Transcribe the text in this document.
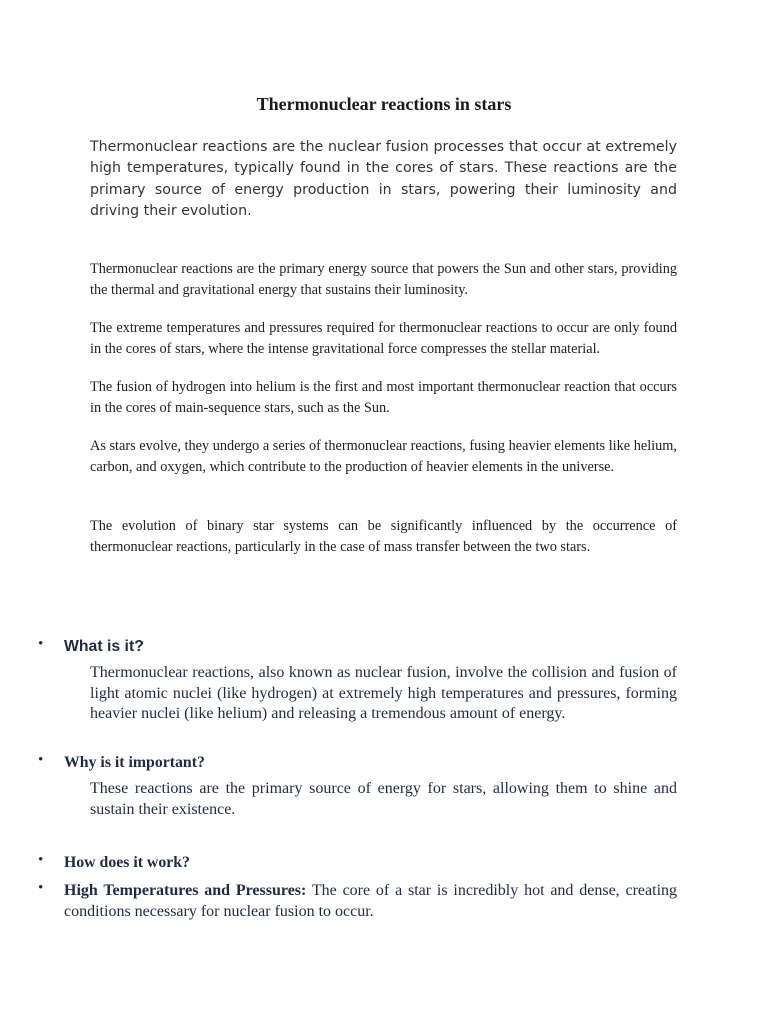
Thermonuclear reactions in stars

Thermonuclear reactions are the nuclear fusion processes that occur at extremely high temperatures, typically found in the cores of stars. These reactions are the primary source of energy production in stars, powering their luminosity and driving their evolution.

Thermonuclear reactions are the primary energy source that powers the Sun and other stars, providing the thermal and gravitational energy that sustains their luminosity.

The extreme temperatures and pressures required for thermonuclear reactions to occur are only found in the cores of stars, where the intense gravitational force compresses the stellar material.

The fusion of hydrogen into helium is the first and most important thermonuclear reaction that occurs in the cores of main-sequence stars, such as the Sun.

As stars evolve, they undergo a series of thermonuclear reactions, fusing heavier elements like helium, carbon, and oxygen, which contribute to the production of heavier elements in the universe.

The evolution of binary star systems can be significantly influenced by the occurrence of thermonuclear reactions, particularly in the case of mass transfer between the two stars.

• What is it?

Thermonuclear reactions, also known as nuclear fusion, involve the collision and fusion of light atomic nuclei (like hydrogen) at extremely high temperatures and pressures, forming heavier nuclei (like helium) and releasing a tremendous amount of energy.

• Why is it important?

These reactions are the primary source of energy for stars, allowing them to shine and sustain their existence.

• How does it work?
• High Temperatures and Pressures: The core of a star is incredibly hot and dense, creating conditions necessary for nuclear fusion to occur.
